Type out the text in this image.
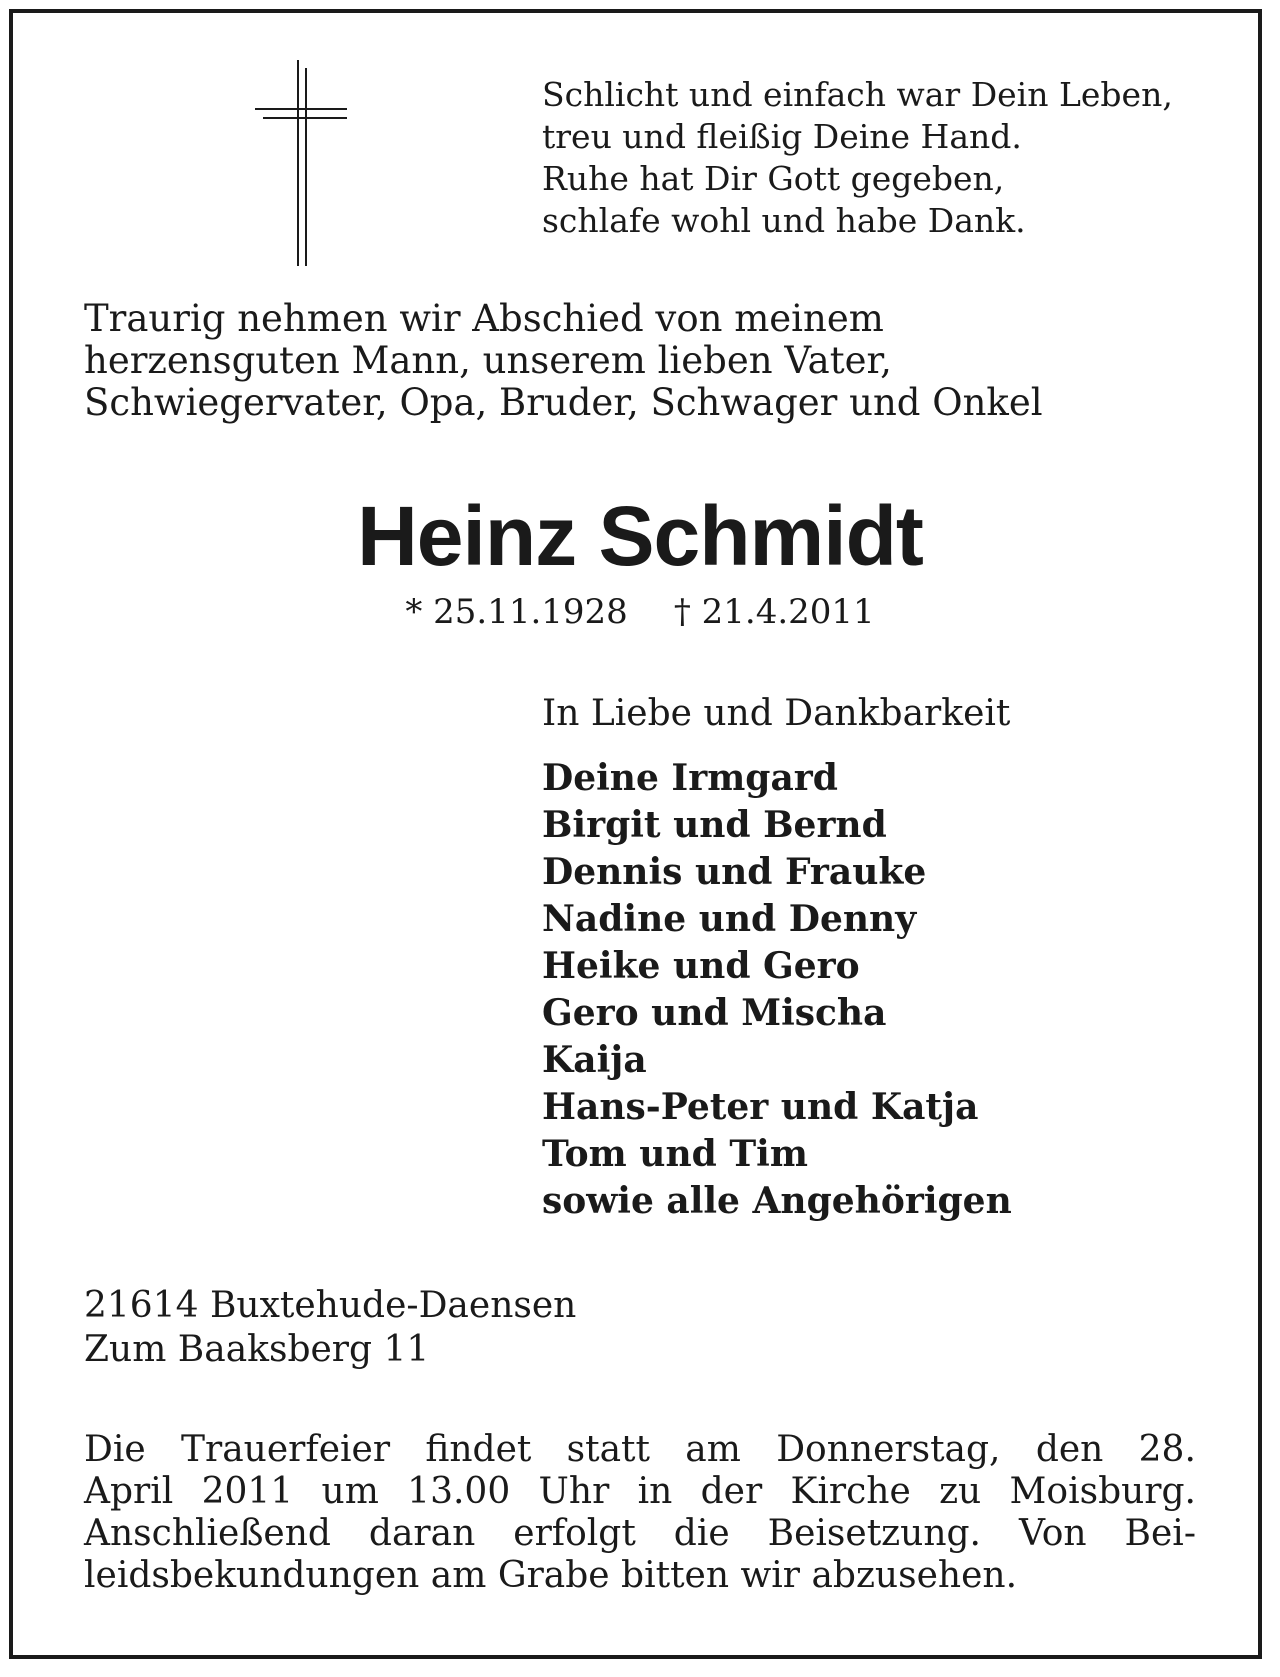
Schlicht und einfach war Dein Leben,
treu und fleißig Deine Hand.
Ruhe hat Dir Gott gegeben,
schlafe wohl und habe Dank.
Traurig nehmen wir Abschied von meinem
herzensguten Mann, unserem lieben Vater,
Schwiegervater, Opa, Bruder, Schwager und Onkel
Heinz Schmidt
* 25.11.1928 † 21.4.2011
In Liebe und Dankbarkeit
Deine Irmgard
Birgit und Bernd
Dennis und Frauke
Nadine und Denny
Heike und Gero
Gero und Mischa
Kaija
Hans-Peter und Katja
Tom und Tim
sowie alle Angehörigen
21614 Buxtehude-Daensen
Zum Baaksberg 11
Die Trauerfeier findet statt am Donnerstag, den 28.
April 2011 um 13.00 Uhr in der Kirche zu Moisburg.
Anschließend daran erfolgt die Beisetzung. Von Bei-
leidsbekundungen am Grabe bitten wir abzusehen.
